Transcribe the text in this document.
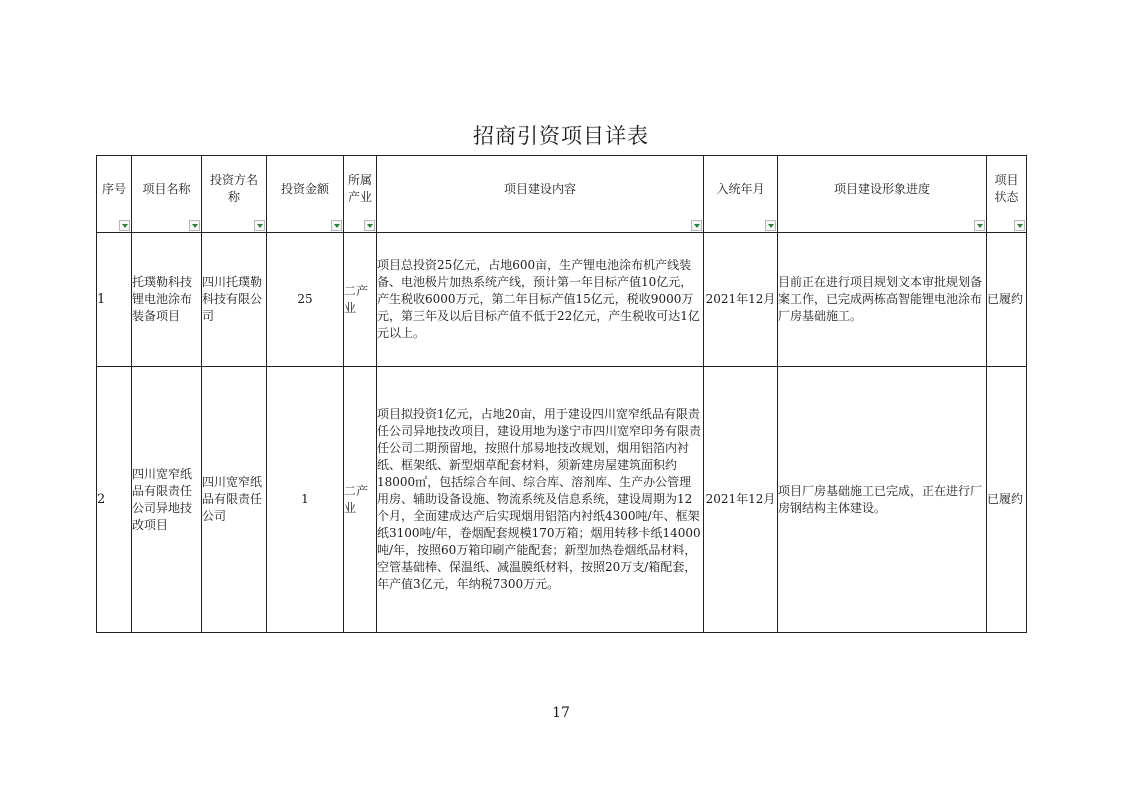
招商引资项目详表
序号	项目名称	投资方名称	投资金额	所属产业	项目建设内容	入统年月	项目建设形象进度	项目状态

1	托璞勒科技锂电池涂布装备项目	四川托璞勒科技有限公司	25	二产业	项目总投资25亿元，占地600亩，生产锂电池涂布机产线装备、电池极片加热系统产线，预计第一年目标产值10亿元，产生税收6000万元，第二年目标产值15亿元，税收9000万元，第三年及以后目标产值不低于22亿元，产生税收可达1亿元以上。	2021年12月	目前正在进行项目规划文本审批规划备案工作，已完成两栋高智能锂电池涂布厂房基础施工。	已履约
2	四川宽窄纸品有限责任公司异地技改项目	四川宽窄纸品有限责任公司	1	二产业	项目拟投资1亿元，占地20亩，用于建设四川宽窄纸品有限责任公司异地技改项目，建设用地为遂宁市四川宽窄印务有限责任公司二期预留地，按照什邡易地技改规划，烟用铝箔内衬纸、框架纸、新型烟草配套材料，须新建房屋建筑面积约18000㎡，包括综合车间、综合库、溶剂库、生产办公管理用房、辅助设备设施、物流系统及信息系统，建设周期为12个月，全面建成达产后实现烟用铝箔内衬纸4300吨/年、框架纸3100吨/年，卷烟配套规模170万箱；烟用转移卡纸14000吨/年，按照60万箱印刷产能配套；新型加热卷烟纸品材料，空管基础棒、保温纸、减温膜纸材料，按照20万支/箱配套，年产值3亿元，年纳税7300万元。	2021年12月	项目厂房基础施工已完成，正在进行厂房钢结构主体建设。	已履约
17
